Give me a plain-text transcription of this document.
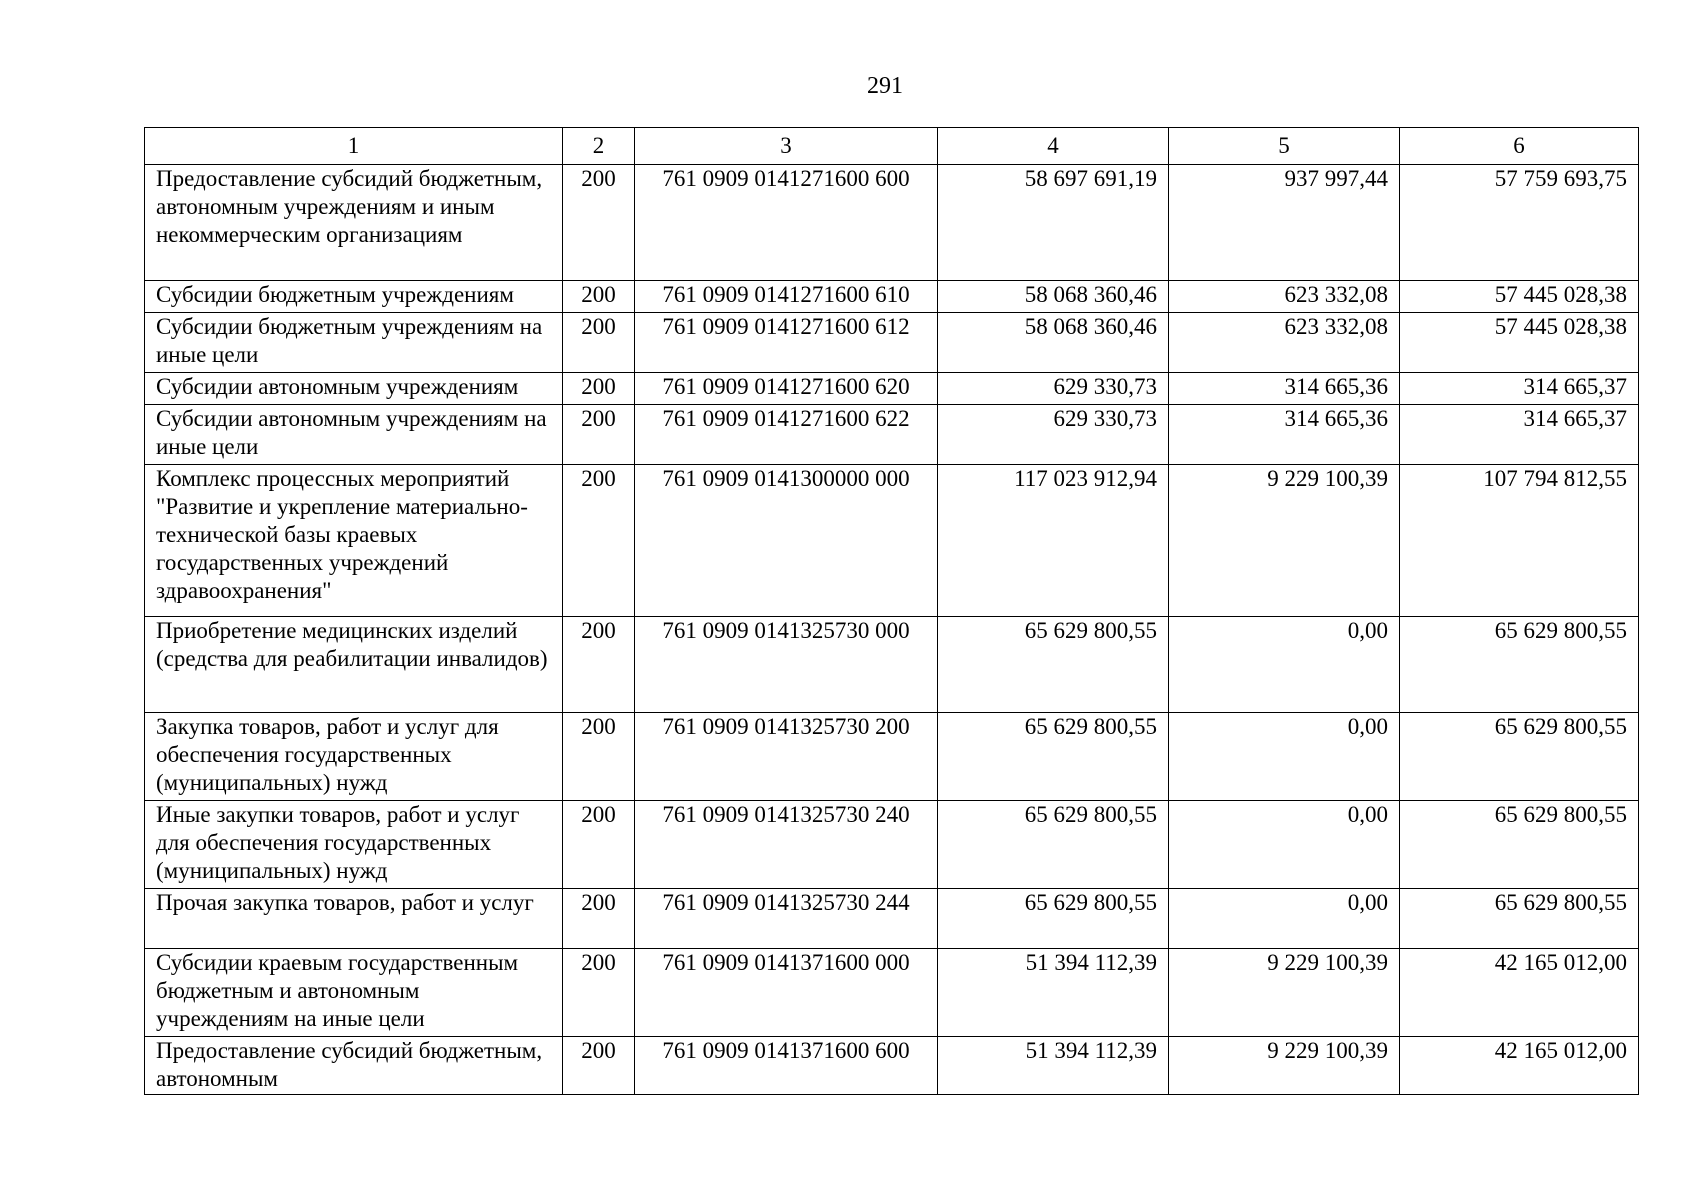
291
1	2	3	4	5	6
Предоставление субсидий бюджетным, автономным учреждениям и иным некоммерческим организациям	200	761 0909 0141271600 600	58 697 691,19	937 997,44	57 759 693,75
Субсидии бюджетным учреждениям	200	761 0909 0141271600 610	58 068 360,46	623 332,08	57 445 028,38
Субсидии бюджетным учреждениям на иные цели	200	761 0909 0141271600 612	58 068 360,46	623 332,08	57 445 028,38
Субсидии автономным учреждениям	200	761 0909 0141271600 620	629 330,73	314 665,36	314 665,37
Субсидии автономным учреждениям на иные цели	200	761 0909 0141271600 622	629 330,73	314 665,36	314 665,37
Комплекс процессных мероприятий "Развитие и укрепление материально-технической базы краевых государственных учреждений здравоохранения"	200	761 0909 0141300000 000	117 023 912,94	9 229 100,39	107 794 812,55
Приобретение медицинских изделий (средства для реабилитации инвалидов)	200	761 0909 0141325730 000	65 629 800,55	0,00	65 629 800,55
Закупка товаров, работ и услуг для обеспечения государственных (муниципальных) нужд	200	761 0909 0141325730 200	65 629 800,55	0,00	65 629 800,55
Иные закупки товаров, работ и услуг для обеспечения государственных (муниципальных) нужд	200	761 0909 0141325730 240	65 629 800,55	0,00	65 629 800,55
Прочая закупка товаров, работ и услуг	200	761 0909 0141325730 244	65 629 800,55	0,00	65 629 800,55
Субсидии краевым государственным бюджетным и автономным учреждениям на иные цели	200	761 0909 0141371600 000	51 394 112,39	9 229 100,39	42 165 012,00
Предоставление субсидий бюджетным, автономным	200	761 0909 0141371600 600	51 394 112,39	9 229 100,39	42 165 012,00
